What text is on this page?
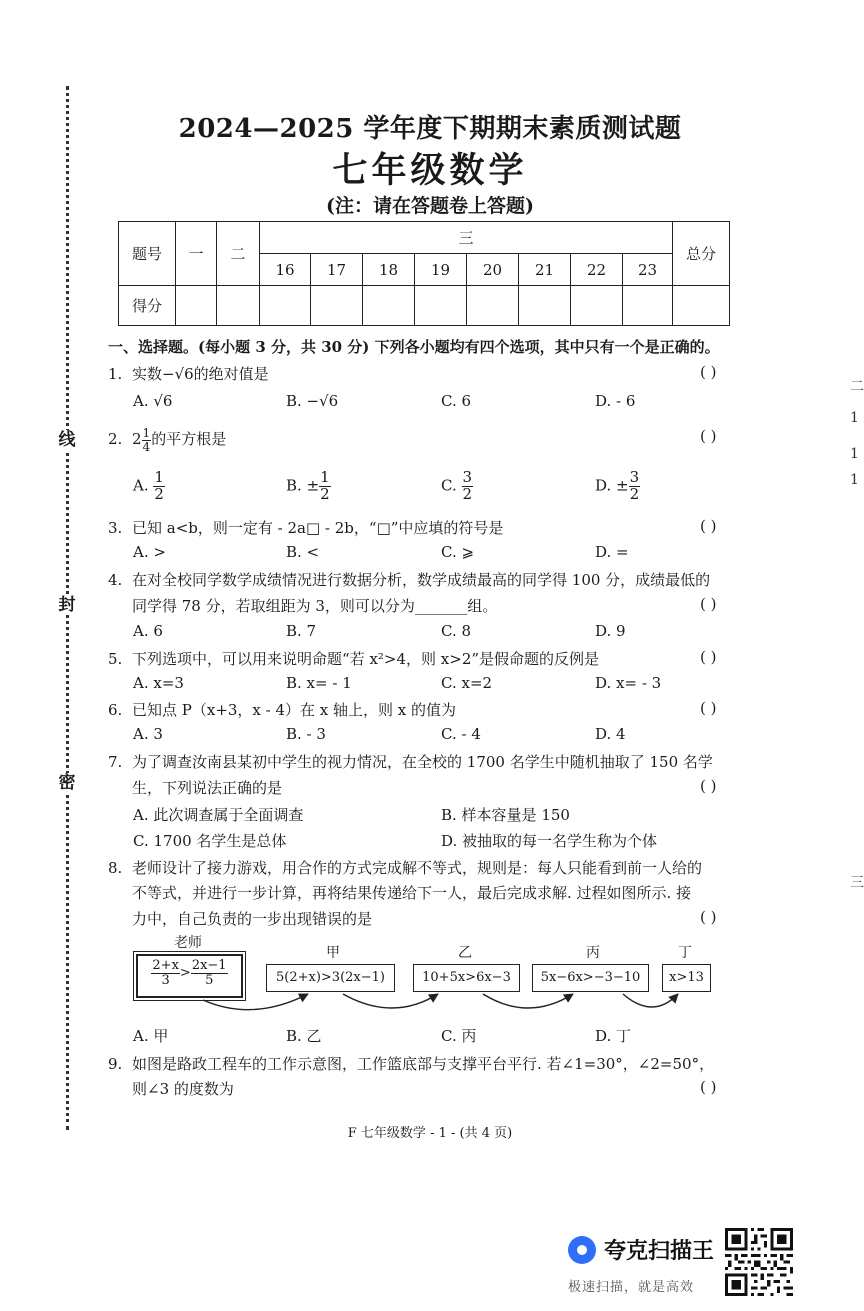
线
封
密
2024—2025 学年度下期期末素质测试题
七年级数学
(注：请在答题卷上答题)
题号	一	二	三								总分
			16	17	18	19	20	21	22	23	
得分											
一、选择题。(每小题 3 分，共 30 分) 下列各小题均有四个选项，其中只有一个是正确的。
1. 实数−√6的绝对值是	( )
A. √6	B. −√6	C. 6	D. - 6
2. $2 \frac{1}{4}$ 的平方根是	( )
A. $\frac{1}{2}$	B. ± $\frac{1}{2}$	C. $\frac{3}{2}$	D. ± $\frac{3}{2}$
3. 已知 a<b，则一定有 - 2a□ - 2b，“□”中应填的符号是	( )
A. >	B. <	C. ⩾	D. =
4. 在对全校同学数学成绩情况进行数据分析，数学成绩最高的同学得 100 分，成绩最低的
同学得 78 分，若取组距为 3，则可以分为_______组。	( )
A. 6	B. 7	C. 8	D. 9
5. 下列选项中，可以用来说明命题“若 x²>4，则 x>2”是假命题的反例是	( )
A. x=3	B. x= - 1	C. x=2	D. x= - 3
6. 已知点 P（x+3，x - 4）在 x 轴上，则 x 的值为	( )
A. 3	B. - 3	C. - 4	D. 4
7. 为了调查汝南县某初中学生的视力情况，在全校的 1700 名学生中随机抽取了 150 名学
生，下列说法正确的是	( )
A. 此次调查属于全面调查	B. 样本容量是 150
C. 1700 名学生是总体	D. 被抽取的每一名学生称为个体
8. 老师设计了接力游戏，用合作的方式完成解不等式，规则是：每人只能看到前一人给的
不等式，并进行一步计算，再将结果传递给下一人，最后完成求解. 过程如图所示. 接
力中，自己负责的一步出现错误的是	( )
老师
甲	乙	丙	丁
$\frac{2+x}{3} > \frac{2x-1}{5}$	5(2+x)>3(2x−1)	10+5x>6x−3	5x−6x>−3−10	x>13
A. 甲	B. 乙	C. 丙	D. 丁
9. 如图是路政工程车的工作示意图，工作篮底部与支撑平台平行. 若∠1=30°，∠2=50°，
则∠3 的度数为	( )
F 七年级数学 - 1 - (共 4 页)
二
1
1
1
三
夸克扫描王
极速扫描，就是高效
